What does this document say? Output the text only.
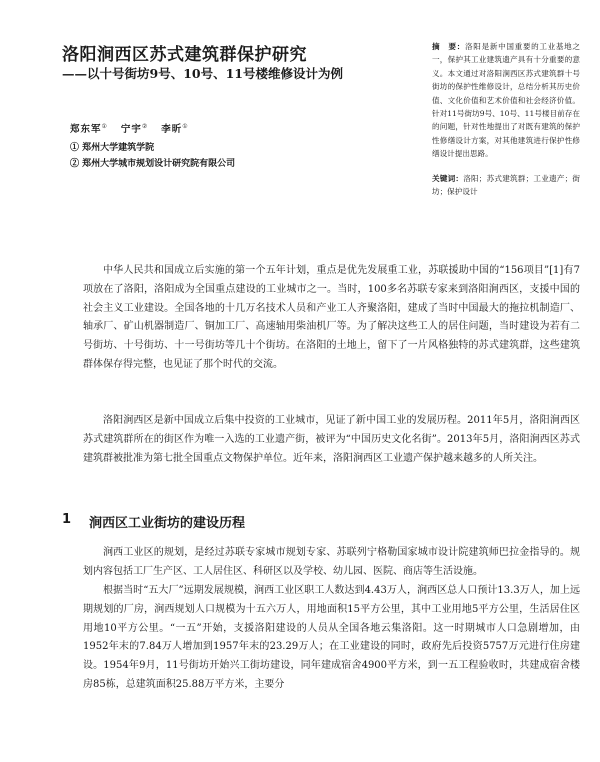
洛阳涧西区苏式建筑群保护研究
——以十号街坊9号、10号、11号楼维修设计为例

郑东军① 宁宇② 李昕①

① 郑州大学建筑学院

② 郑州大学城市规划设计研究院有限公司

摘　要：洛阳是新中国重要的工业基地之一，保护其工业建筑遗产具有十分重要的意义。本文通过对洛阳涧西区苏式建筑群十号街坊的保护性维修设计，总结分析其历史价值、文化价值和艺术价值和社会经济价值。针对11号街坊9号、10号、11号楼目前存在的问题，针对性地提出了对既有建筑的保护性修缮设计方案，对其他建筑进行保护性修缮设计提出思路。

关键词：洛阳；苏式建筑群；工业遗产；街坊；保护设计

中华人民共和国成立后实施的第一个五年计划，重点是优先发展重工业，苏联援助中国的“156项目”[1]有7项放在了洛阳，洛阳成为全国重点建设的工业城市之一。当时，100多名苏联专家来到洛阳涧西区，支援中国的社会主义工业建设。全国各地的十几万名技术人员和产业工人齐聚洛阳，建成了当时中国最大的拖拉机制造厂、轴承厂、矿山机器制造厂、铜加工厂、高速轴用柴油机厂等。为了解决这些工人的居住问题，当时建设为若有二号街坊、十号街坊、十一号街坊等几十个街坊。在洛阳的土地上，留下了一片风格独特的苏式建筑群，这些建筑群体保存得完整，也见证了那个时代的交流。

洛阳涧西区是新中国成立后集中投资的工业城市，见证了新中国工业的发展历程。2011年5月，洛阳涧西区苏式建筑群所在的街区作为唯一入选的工业遗产街，被评为“中国历史文化名街”。2013年5月，洛阳涧西区苏式建筑群被批准为第七批全国重点文物保护单位。近年来，洛阳涧西区工业遗产保护越来越多的人所关注。

1 涧西区工业街坊的建设历程

涧西工业区的规划，是经过苏联专家城市规划专家、苏联列宁格勒国家城市设计院建筑师巴拉金指导的。规划内容包括工厂生产区、工人居住区、科研区以及学校、幼儿园、医院、商店等生活设施。

根据当时“五大厂”远期发展规模，涧西工业区职工人数达到4.43万人，涧西区总人口预计13.3万人，加上远期规划的厂房，涧西规划人口规模为十五六万人，用地面积15平方公里，其中工业用地5平方公里，生活居住区用地10平方公里。“一五”开始，支援洛阳建设的人员从全国各地云集洛阳。这一时期城市人口急剧增加，由1952年末的7.84万人增加到1957年末的23.29万人；在工业建设的同时，政府先后投资5757万元进行住房建设。1954年9月，11号街坊开始兴工街坊建设，同年建成宿舍4900平方米，到一五工程验收时，共建成宿舍楼房85栋，总建筑面积25.88万平方米，主要分
